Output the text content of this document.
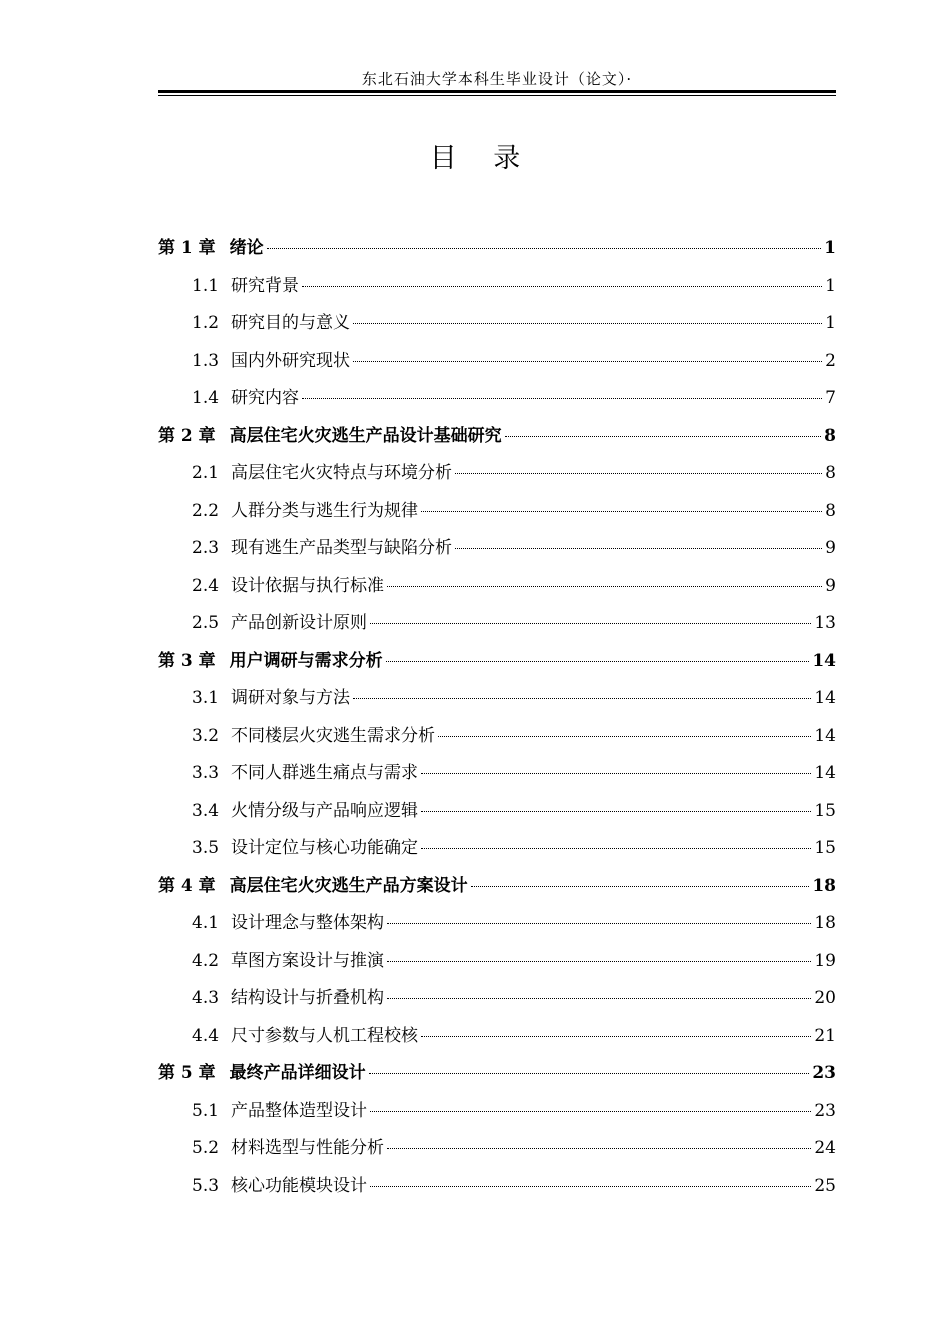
东北石油大学本科生毕业设计（论文）·
目 录
第 1 章 绪论	1
1.1 研究背景	1
1.2 研究目的与意义	1
1.3 国内外研究现状	2
1.4 研究内容	7
第 2 章 高层住宅火灾逃生产品设计基础研究	8
2.1 高层住宅火灾特点与环境分析	8
2.2 人群分类与逃生行为规律	8
2.3 现有逃生产品类型与缺陷分析	9
2.4 设计依据与执行标准	9
2.5 产品创新设计原则	13
第 3 章 用户调研与需求分析	14
3.1 调研对象与方法	14
3.2 不同楼层火灾逃生需求分析	14
3.3 不同人群逃生痛点与需求	14
3.4 火情分级与产品响应逻辑	15
3.5 设计定位与核心功能确定	15
第 4 章 高层住宅火灾逃生产品方案设计	18
4.1 设计理念与整体架构	18
4.2 草图方案设计与推演	19
4.3 结构设计与折叠机构	20
4.4 尺寸参数与人机工程校核	21
第 5 章 最终产品详细设计	23
5.1 产品整体造型设计	23
5.2 材料选型与性能分析	24
5.3 核心功能模块设计	25
